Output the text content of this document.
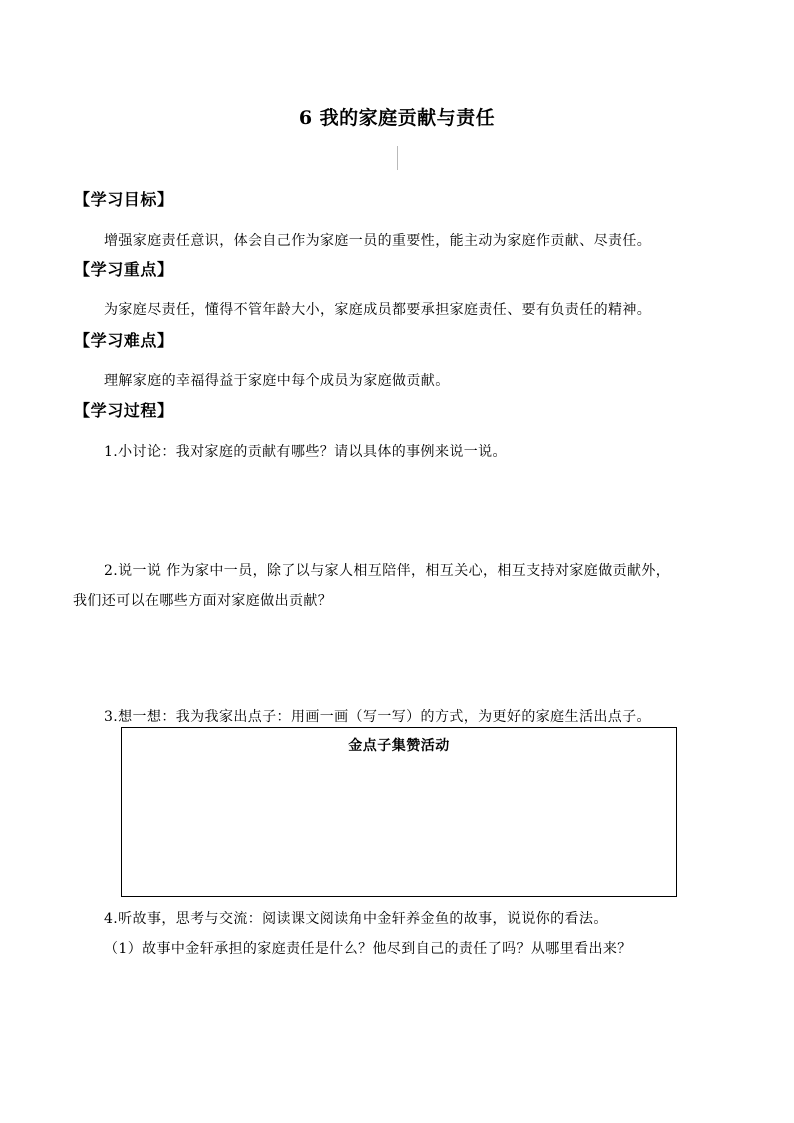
6 我的家庭贡献与责任
【学习目标】
增强家庭责任意识，体会自己作为家庭一员的重要性，能主动为家庭作贡献、尽责任。
【学习重点】
为家庭尽责任，懂得不管年龄大小，家庭成员都要承担家庭责任、要有负责任的精神。
【学习难点】
理解家庭的幸福得益于家庭中每个成员为家庭做贡献。
【学习过程】
1.小讨论：我对家庭的贡献有哪些？请以具体的事例来说一说。
2.说一说 作为家中一员，除了以与家人相互陪伴，相互关心，相互支持对家庭做贡献外，
我们还可以在哪些方面对家庭做出贡献？
3.想一想：我为我家出点子：用画一画（写一写）的方式，为更好的家庭生活出点子。
金点子集赞活动
4.听故事，思考与交流：阅读课文阅读角中金轩养金鱼的故事，说说你的看法。
（1）故事中金轩承担的家庭责任是什么？他尽到自己的责任了吗？从哪里看出来？
